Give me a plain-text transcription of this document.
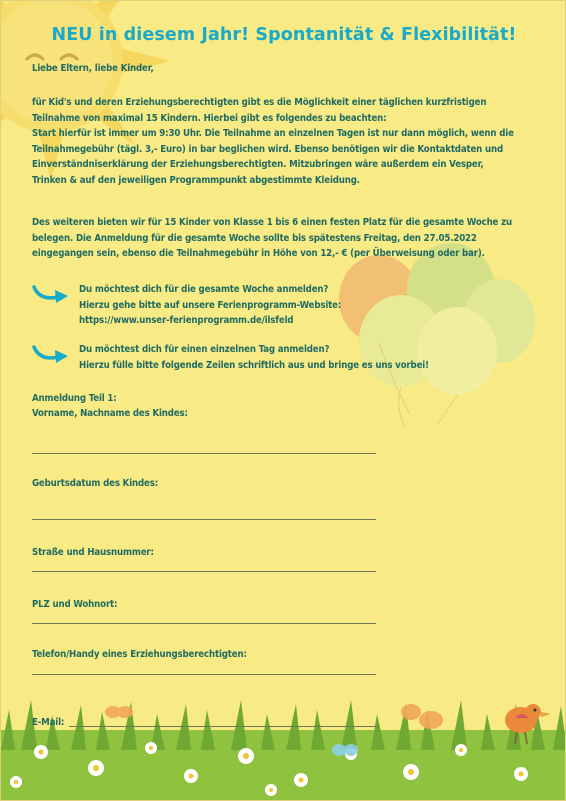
NEU in diesem Jahr! Spontanität & Flexibilität!
Liebe Eltern, liebe Kinder,
für Kid's und deren Erziehungsberechtigten gibt es die Möglichkeit einer täglichen kurzfristigen
Teilnahme von maximal 15 Kindern. Hierbei gibt es folgendes zu beachten:
Start hierfür ist immer um 9:30 Uhr. Die Teilnahme an einzelnen Tagen ist nur dann möglich, wenn die
Teilnahmegebühr (tägl. 3,- Euro) in bar beglichen wird. Ebenso benötigen wir die Kontaktdaten und
Einverständniserklärung der Erziehungsberechtigten. Mitzubringen wäre außerdem ein Vesper,
Trinken & auf den jeweiligen Programmpunkt abgestimmte Kleidung.
Des weiteren bieten wir für 15 Kinder von Klasse 1 bis 6 einen festen Platz für die gesamte Woche zu
belegen. Die Anmeldung für die gesamte Woche sollte bis spätestens Freitag, den 27.05.2022
eingegangen sein, ebenso die Teilnahmegebühr in Höhe von 12,- € (per Überweisung oder bar).
Du möchtest dich für die gesamte Woche anmelden?
Hierzu gehe bitte auf unsere Ferienprogramm-Website:
https://www.unser-ferienprogramm.de/ilsfeld
Du möchtest dich für einen einzelnen Tag anmelden?
Hierzu fülle bitte folgende Zeilen schriftlich aus und bringe es uns vorbei!
Anmeldung Teil 1:
Vorname, Nachname des Kindes:
Geburtsdatum des Kindes:
Straße und Hausnummer:
PLZ und Wohnort:
Telefon/Handy eines Erziehungsberechtigten:
E-Mail:
